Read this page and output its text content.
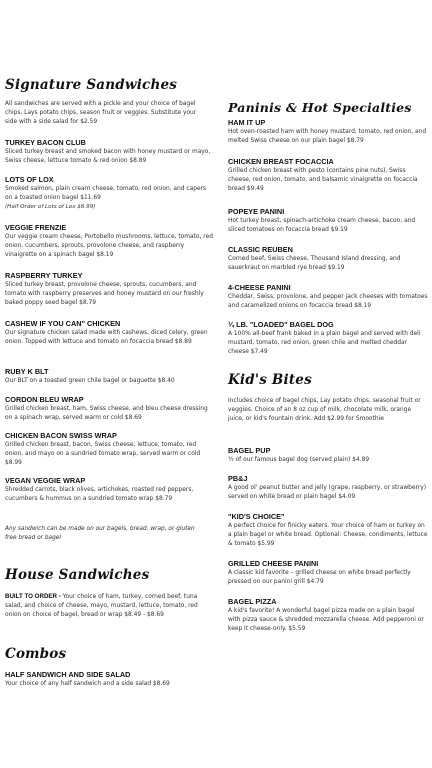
Signature Sandwiches

All sandwiches are served with a pickle and your choice of bagel chips, Lays potato chips, season fruit or veggies. Substitute your side with a side salad for $2.59

TURKEY BACON CLUB

Sliced turkey breast and smoked bacon with honey mustard or mayo, Swiss cheese, lettuce tomato & red onion $8.89

LOTS OF LOX

Smoked salmon, plain cream cheese, tomato, red onion, and capers on a toasted onion bagel $11.69

(Half Order of Lots of Lox $6.99)
VEGGIE FRENZIE

Our veggie cream cheese, Portobello mushrooms, lettuce, tomato, red onion, cucumbers, sprouts, provolone cheese, and raspberry vinaigrette on a spinach bagel $8.19

RASPBERRY TURKEY

Sliced turkey breast, provolone cheese, sprouts, cucumbers, and tomato with raspberry preserves and honey mustard on our freshly baked poppy seed bagel $8.79

CASHEW IF YOU CAN" CHICKEN

Our signature chicken salad made with cashews, diced celery, green onion. Topped with lettuce and tomato on focaccia bread $8.89

RUBY K BLT

Our BLT on a toasted green chile bagel or baguette $8.40

CORDON BLEU WRAP

Grilled chicken breast, ham, Swiss cheese, and bleu cheese dressing on a spinach wrap, served warm or cold $8.69

CHICKEN BACON SWISS WRAP

Grilled chicken breast, bacon, Swiss cheese, lettuce, tomato, red onion, and mayo on a sundried tomato wrap, served warm or cold $8.99

VEGAN VEGGIE WRAP

Shredded carrots, black olives, artichokes, roasted red peppers, cucumbers & hummus on a sundried tomato wrap $8.79

Any sandwich can be made on our bagels, bread, wrap, or gluten free bread or bagel

House Sandwiches

BUILT TO ORDER - Your choice of ham, turkey, corned beef, tuna salad, and choice of cheese, mayo, mustard, lettuce, tomato, red onion on choice of bagel, bread or wrap $8.49 - $8.69

Combos
HALF SANDWICH AND SIDE SALAD

Your choice of any half sandwich and a side salad $8.69

Paninis & Hot Specialties
HAM IT UP

Hot oven-roasted ham with honey mustard, tomato, red onion, and melted Swiss cheese on our plain bagel $8.79

CHICKEN BREAST FOCACCIA

Grilled chicken breast with pesto (contains pine nuts), Swiss cheese, red onion, tomato, and balsamic vinaigrette on focaccia bread $9.49

POPEYE PANINI

Hot turkey breast, spinach-artichoke cream cheese, bacon, and sliced tomatoes on focaccia bread $9.19

CLASSIC REUBEN

Corned beef, Swiss cheese, Thousand Island dressing, and sauerkraut on marbled rye bread $9.19

4-CHEESE PANINI

Cheddar, Swiss, provolone, and pepper jack cheeses with tomatoes and caramelized onions on focaccia bread $8.19

¼ LB. "LOADED" BAGEL DOG

A 100% all-beef frank baked in a plain bagel and served with deli mustard, tomato, red onion, green chile and melted cheddar cheese $7.49

Kid's Bites

Includes choice of bagel chips, Lay potato chips, seasonal fruit or veggies. Choice of an 8 oz cup of milk, chocolate milk, orange juice, or kid's fountain drink. Add $2.99 for Smoothie

BAGEL PUP

½ of our famous bagel dog (served plain) $4.89

PB&J

A good ol' peanut butter and jelly (grape, raspberry, or strawberry) served on white bread or plain bagel $4.09

"KID'S CHOICE"

A perfect choice for finicky eaters. Your choice of ham or turkey on a plain bagel or white bread. Optional: Cheese, condiments, lettuce & tomato $5.99

GRILLED CHEESE PANINI

A classic kid favorite – grilled cheese on white bread perfectly pressed on our panini grill $4.79

BAGEL PIZZA

A kid's favorite! A wonderful bagel pizza made on a plain bagel with pizza sauce & shredded mozzarella cheese. Add pepperoni or keep it cheese-only. $5.59
